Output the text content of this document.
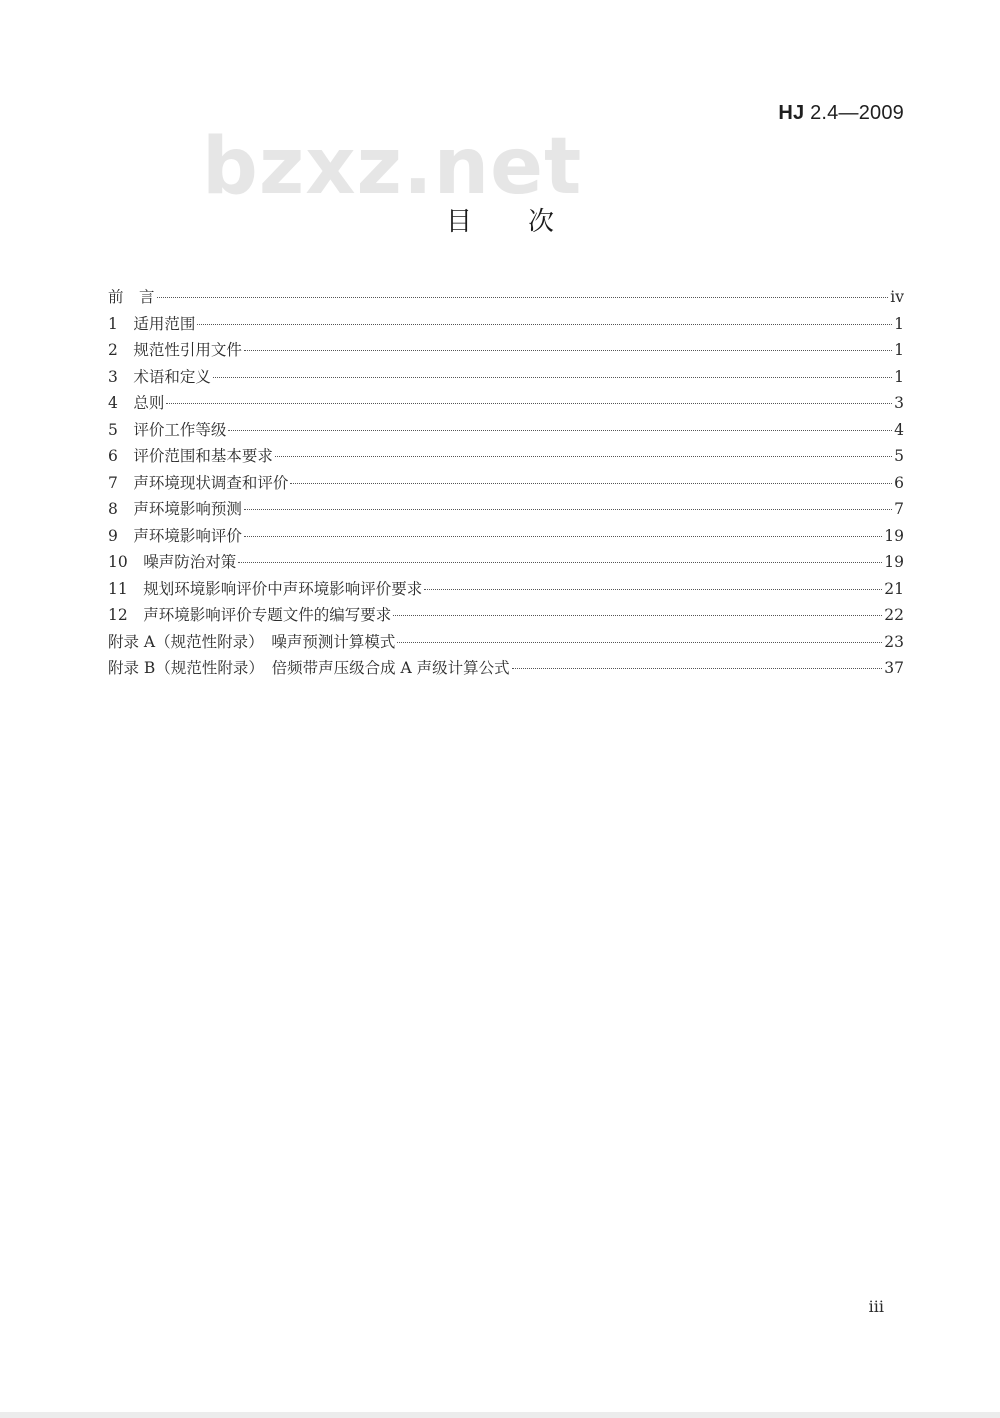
HJ 2.4—2009
bzxz.net
目次
前　言	iv
1　适用范围	1
2　规范性引用文件	1
3　术语和定义	1
4　总则	3
5　评价工作等级	4
6　评价范围和基本要求	5
7　声环境现状调查和评价	6
8　声环境影响预测	7
9　声环境影响评价	19
10　噪声防治对策	19
11　规划环境影响评价中声环境影响评价要求	21
12　声环境影响评价专题文件的编写要求	22
附录 A（规范性附录）　噪声预测计算模式	23
附录 B（规范性附录）　倍频带声压级合成 A 声级计算公式	37
iii
